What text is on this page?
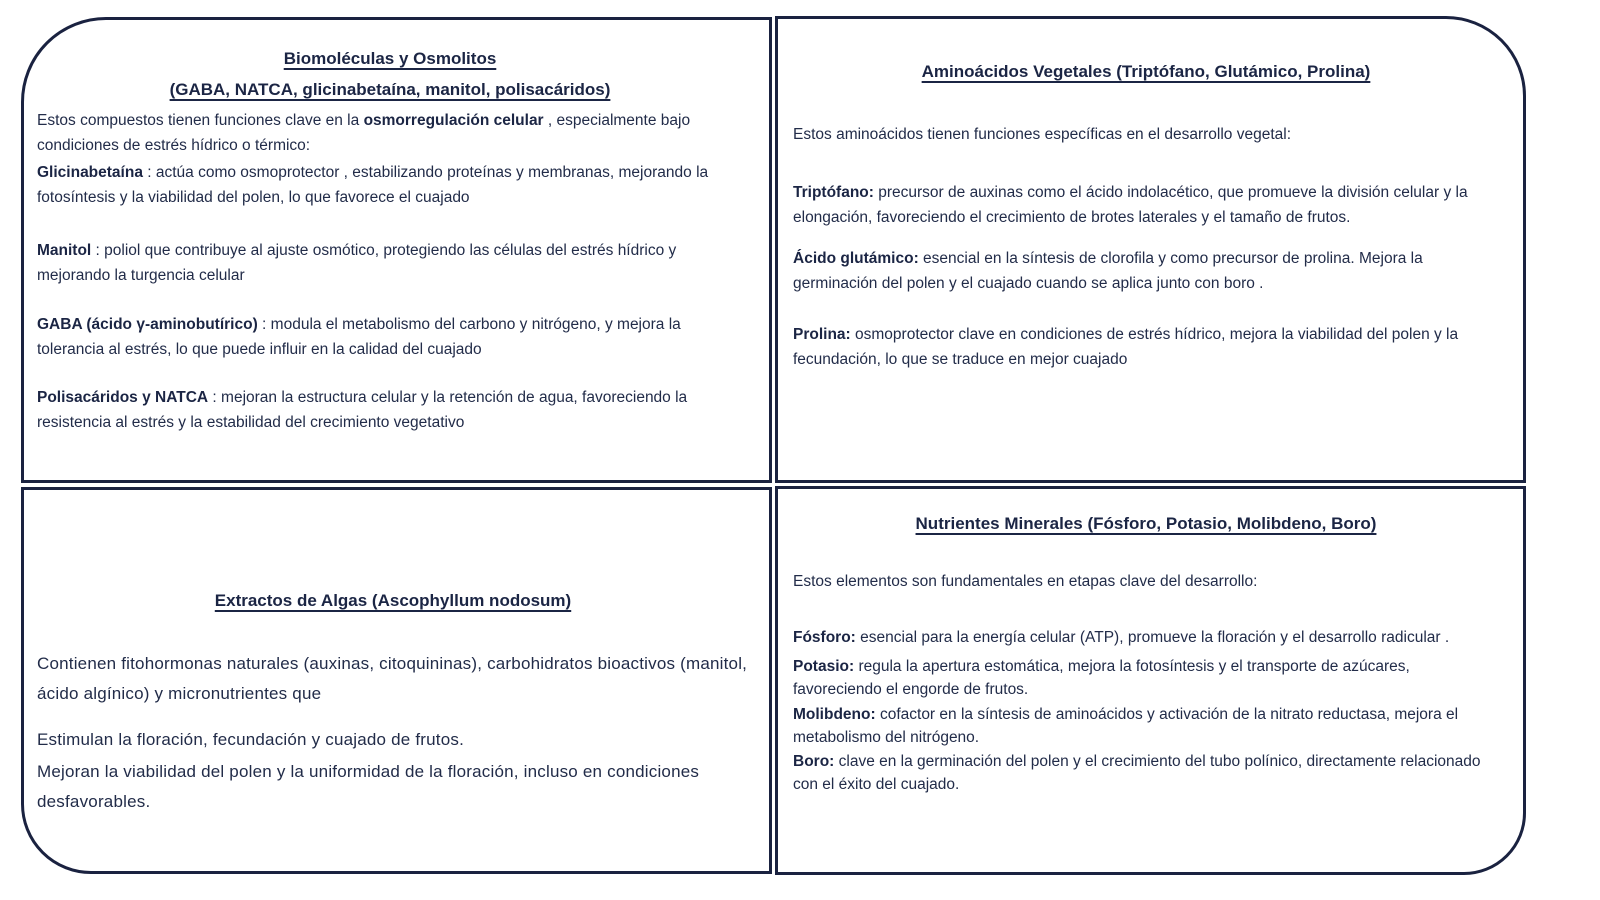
Biomoléculas y Osmolitos
(GABA, NATCA, glicinabetaína, manitol, polisacáridos)

Estos compuestos tienen funciones clave en la osmorregulación celular , especialmente bajo condiciones de estrés hídrico o térmico:

Glicinabetaína : actúa como osmoprotector , estabilizando proteínas y membranas, mejorando la fotosíntesis y la viabilidad del polen, lo que favorece el cuajado

Manitol : poliol que contribuye al ajuste osmótico, protegiendo las células del estrés hídrico y mejorando la turgencia celular

GABA (ácido γ-aminobutírico) : modula el metabolismo del carbono y nitrógeno, y mejora la tolerancia al estrés, lo que puede influir en la calidad del cuajado

Polisacáridos y NATCA : mejoran la estructura celular y la retención de agua, favoreciendo la resistencia al estrés y la estabilidad del crecimiento vegetativo

Aminoácidos Vegetales (Triptófano, Glutámico, Prolina)

Estos aminoácidos tienen funciones específicas en el desarrollo vegetal:

Triptófano: precursor de auxinas como el ácido indolacético, que promueve la división celular y la elongación, favoreciendo el crecimiento de brotes laterales y el tamaño de frutos.

Ácido glutámico: esencial en la síntesis de clorofila y como precursor de prolina. Mejora la germinación del polen y el cuajado cuando se aplica junto con boro .

Prolina: osmoprotector clave en condiciones de estrés hídrico, mejora la viabilidad del polen y la fecundación, lo que se traduce en mejor cuajado

Extractos de Algas (Ascophyllum nodosum)

Contienen fitohormonas naturales (auxinas, citoquininas), carbohidratos bioactivos (manitol, ácido algínico) y micronutrientes que

Estimulan la floración, fecundación y cuajado de frutos.

Mejoran la viabilidad del polen y la uniformidad de la floración, incluso en condiciones desfavorables.

Nutrientes Minerales (Fósforo, Potasio, Molibdeno, Boro)

Estos elementos son fundamentales en etapas clave del desarrollo:

Fósforo: esencial para la energía celular (ATP), promueve la floración y el desarrollo radicular .

Potasio: regula la apertura estomática, mejora la fotosíntesis y el transporte de azúcares, favoreciendo el engorde de frutos.

Molibdeno: cofactor en la síntesis de aminoácidos y activación de la nitrato reductasa, mejora el metabolismo del nitrógeno.

Boro: clave en la germinación del polen y el crecimiento del tubo polínico, directamente relacionado con el éxito del cuajado.
